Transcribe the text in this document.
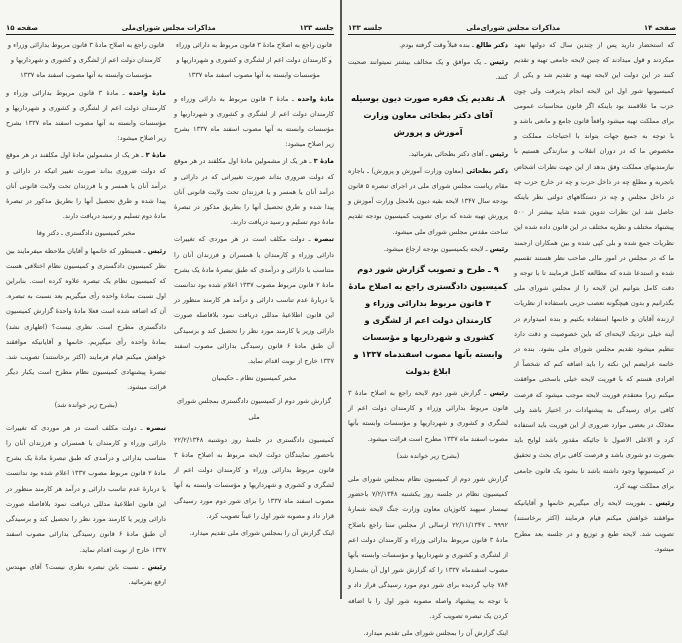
صفحه ۱۵	مذاکرات مجلس شورای‌ملی	جلسه ۱۳۳
قانون راجع به اصلاح مادهٔ ۳ قانون مربوط به دارائی وزراء و کارمندان دولت اعم از لشگری و کشوری و شهرداریها و مؤسسات وابسته به آنها مصوب اسفند ماه ۱۳۳۷
مادهٔ واحده ـ مادهٔ ۳ قانون مربوط به دارائی وزراء و کارمندان دولت اعم از لشگری و کشوری و شهرداریها و مؤسسات وابسته به آنها مصوب اسفند ماه ۱۳۳۷ بشرح زیر اصلاح میشود:
مادهٔ ۳ ـ هر یک از مشمولین مادهٔ اول مکلفند در هر موقع که دولت ضروری بداند صورت تغییراتی که در دارائی و درآمد آنان یا همسر و یا فرزندان تحت ولایت قانونی آنان پیدا شده و طرق تحصیل آنها را بطریق مذکور در تبصرهٔ مادهٔ دوم تسلیم و رسید دریافت دارند.
تبصره ـ دولت مکلف است در هر موردی که تغییرات دارائی وزراء و کارمندان یا همسران و فرزندان آنان را متناسب با دارائی و درآمدی که طبق تبصرهٔ مادهٔ یک بشرح مادهٔ ۲ قانون مربوط مصوب ۱۳۳۷ اعلام شده بود ندانست یا دربارهٔ عدم تناسب دارائی و درآمد هر کارمند منظور در این قانون اطلاعیهٔ مدللی دریافت نمود بلافاصله صورت دارائی وزیر یا کارمند مورد نظر را تحصیل کند و برسیدگی آن طبق مادهٔ ۶ قانون رسیدگی بدارائی مصوب اسفند ۱۳۳۷ خارج از نوبت اقدام نماید.
مخبر کمیسیون نظام ـ حکیمیان
گزارش شور دوم از کمیسیون دادگستری بمجلس شورای ملی
کمیسیون دادگستری در جلسهٔ روز دوشنبه ۲۲/۲/۱۳۴۸ باحضور نمایندگان دولت لایحه مربوط به اصلاح مادهٔ ۳ قانون مربوط بدارائی وزراء و کارمندان دولت اعم از لشگری و کشوری و شهرداریها و مؤسسات وابسته به آنها مصوب اسفند ماه ۱۳۳۷ را برای شور دوم مورد رسیدگی قرار داد و مصوبه شور اول را عیناً تصویب کرد.
اینک گزارش آن را بمجلس شورای ملی تقدیم میدارد.
قانون راجع به اصلاح مادهٔ ۳ قانون مربوط بدارائی وزراء و کارمندان دولت اعم از لشگری و کشوری و شهرداریها و مؤسسات وابسته به آنها مصوب اسفند ماه ۱۳۳۷
مادهٔ واحده ـ مادهٔ ۳ قانون مربوط بدارائی وزراء و کارمندان دولت اعم از لشگری و کشوری و شهرداریها و مؤسسات وابسته به آنها مصوب اسفند ماه ۱۳۳۷ بشرح زیر اصلاح میشود:
مادهٔ ۳ ـ هر یک از مشمولین مادهٔ اول مکلفند در هر موقع که دولت ضروری بداند صورت تغییر اتیکه در دارائی و درآمد آنان یا همسر و یا فرزندان تحت ولایت قانونی آنان پیدا شده و طرق تحصیل آنها را بطریق مذکور در تبصرهٔ مادهٔ دوم تسلیم و رسید دریافت دارند.
مخبر کمیسیون دادگستری ـ دکتر وفا
رئیس ـ همینطور که خانمها و آقایان ملاحظه میفرمایند بین نظر کمیسیون دادگستری و کمیسیون نظام اختلافی هست که کمیسیون نظام یک تبصره علاوه کرده است. بنابراین اول نسبت بمادهٔ واحده رأی میگیریم بعد نسبت به تبصره. آن که اضافه شده است فعلا مادهٔ واحدهٔ گزارش کمیسیون دادگستری مطرح است. نظری نیست؟ (اظهاری نشد) بمادهٔ واحده رأی میگیریم. خانمها و آقایانیکه موافقند خواهش میکنم قیام فرمایند (اکثر برخاستند) تصویب شد. تبصرهٔ پیشنهادی کمیسیون نظام مطرح است یکبار دیگر قرائت میشود.
(بشرح زیر خوانده شد)
تبصره ـ دولت مکلف است در هر موردی که تغییرات دارائی وزراء و کارمندان یا همسران و فرزندان آنان را متناسب بدارائی و درآمدی که طبق تبصرهٔ مادهٔ یک بشرح مادهٔ ۲ قانون مربوط مصوب ۱۳۳۷ اعلام شده بود ندانست یا دربارهٔ عدم تناسب دارائی و درآمد هر کارمند منظور در این قانون اطلاعیهٔ مدللی دریافت نمود بلافاصله صورت دارائی وزیر یا کارمند مورد نظر را تحصیل کند و برسیدگی آن طبق مادهٔ ۶ قانون رسیدگی بدارائی مصوب اسفند ۱۳۳۷ خارج از نوبت اقدام نماید.
رئیس ـ نسبت باین تبصره نظری نیست؟ آقای مهندس ارفع بفرمائید.
جلسه ۱۳۳	مذاکرات مجلس شورای‌ملی	صفحه ۱۴
که استحضار دارید پس از چندین سال که دولتها تعهد میکردند و قول میدادند که چنین لایحه جامعی تهیه و تقدیم کنند در این دولت این لایحه تهیه و تقدیم شد و یکی از کمیسیونها شور اول این لایحه انجام پذیرفت ولی چون حزب ما علاقمند بود باینکه اگر قانون محاسبات عمومی برای مملکت تهیه میشود واقعاً قانون جامع و مانعی باشد و با توجه به جمیع جهات بتواند با احتیاجات مملکت و مخصوص ما که در دوران انقلاب و سازندگی هستیم با نیازمندیهای مملکت وفق بدهد از این جهت نظرات اشخاص باتجربه و مطلع چه در داخل حزب و چه در خارج حزب چه در داخل مجلس و چه در دستگاههای دولتی نظر باینکه حاصل شد این نظرات تدوین شده شاید بیشتر از ۵۰۰ پیشنهاد مختلف و نظریه مختلف در این قانون داده شده این نظریات جمع شده و بلی کپی شده و بین همکاران ارجمند ما که در مجلس در امور مالی صاحب نظر هستند تقسیم شده و استدعا شده که مطالعه کامل فرمایند تا با توجه و دقت کامل بتوانیم این لایحه را از مجلس شورای ملی بگذرانیم و بدون هیچگونه تعصب حزبی باستفاده از نظریات ارزنده آقایان و خانمها استفاده بکنیم و بنده امیدوارم در آینه خیلی نزدیک لایحه‌ای که باین خصوصیت و دقت دارد تنظیم میشود تقدیم مجلس شورای ملی بشود. بنده در خاتمه عرایضم این نکته را باید اضافه کنم که شخصاً از افرادی هستم که با فوریت لایحه خیلی باسختی موافقت میکنم زیرا معتقدم فوریت لایحه موجب میشود که فرصت کافی برای رسیدگی به پیشنهادات در اختیار باشد ولی معذلک در بعضی موارد ضروری از این فوریت باید استفاده کرد و الاعلی الاصول تا جائیکه مقدور باشد لوایح باید بصورت دو شوری باشد و فرصت کافی برای بحث و تحقیق در کمیسیونها وجود داشته باشد تا بشود یک قانون جامعی برای مملکت تهیه کرد.
رئیس ـ بفوریت لایحه رأی میگیریم خانمها و آقایانیکه موافقند خواهش میکنم قیام فرمایند (اکثر برخاستند) تصویب شد. لایحه طبع و توزیع و در جلسه بعد مطرح میشود.
دکتر طالع ـ بنده قبلاً وقت گرفته بودم.
رئیس ـ یک موافق و یک مخالف بیشتر نمیتوانند صحبت کنند.
۸ـ تقدیم یک فقره صورت دیون بوسیله آقای دکتر بطحائی معاون وزارت آموزش و پرورش
رئیس ـ آقای دکتر بطحائی بفرمائید.
دکتر بطحائی (معاون وزارت آموزش و پرورش) ـ باجازه مقام ریاست مجلس شورای ملی در اجرای تبصره ۵ قانون بودجه سال ۱۳۴۷ لایحه بقیه دیون بلامحل وزارت آموزش و پرورش تهیه شده که برای تصویب کمیسیون بودجه تقدیم ساحت مقدس مجلس شورای ملی میشود.
رئیس ـ لایحه بکمیسیون بودجه ارجاع میشود.
۹ ـ طرح و تصویب گزارش شور دوم کمیسیون دادگستری راجع به اصلاح مادهٔ ۳ قانون مربوط بدارائی وزراء و کارمندان دولت اعم از لشگری و کشوری و شهرداریها و مؤسسات وابسته بآنها مصوب اسفندماه ۱۳۳۷ و ابلاغ بدولت
رئیس ـ گزارش شور دوم لایحه راجع به اصلاح مادهٔ ۳ قانون مربوط بدارائی وزراء و کارمندان دولت اعم از لشگری و کشوری و شهرداریها و مؤسسات وابسته بآنها مصوب اسفند ماه ۱۳۳۷ مطرح است قرائت میشود.
(بشرح زیر خوانده شد)
گزارش شور دوم از کمیسیون نظام بمجلس شورای ملی کمیسیون نظام در جلسه روز یکشنبه ۷/۲/۱۳۴۸ باحضور تیمسار سپهبد کاتوزیان معاون وزارت جنگ لایحه شمارهٔ ۹۹۹۲ ـ ۲۲/۱۱/۱۳۴۷ ارسالی از مجلس سنا راجع باصلاح مادهٔ ۳ قانون مربوط بدارائی وزراء و کارمندان دولت اعم از لشگری و کشوری و شهرداریها و مؤسسات وابسته بآنها مصوب اسفندماه ۱۳۳۷ را که گزارش شور اول آن بشمارهٔ ۷۸۴ چاپ گردیده برای شور دوم مورد رسیدگی قرار داد و با توجه به پیشنهاد واصله مصوبه شور اول را با اضافه کردن یک تبصره تصویب کرد.
اینک گزارش آن را بمجلس شورای ملی تقدیم میدارد.
